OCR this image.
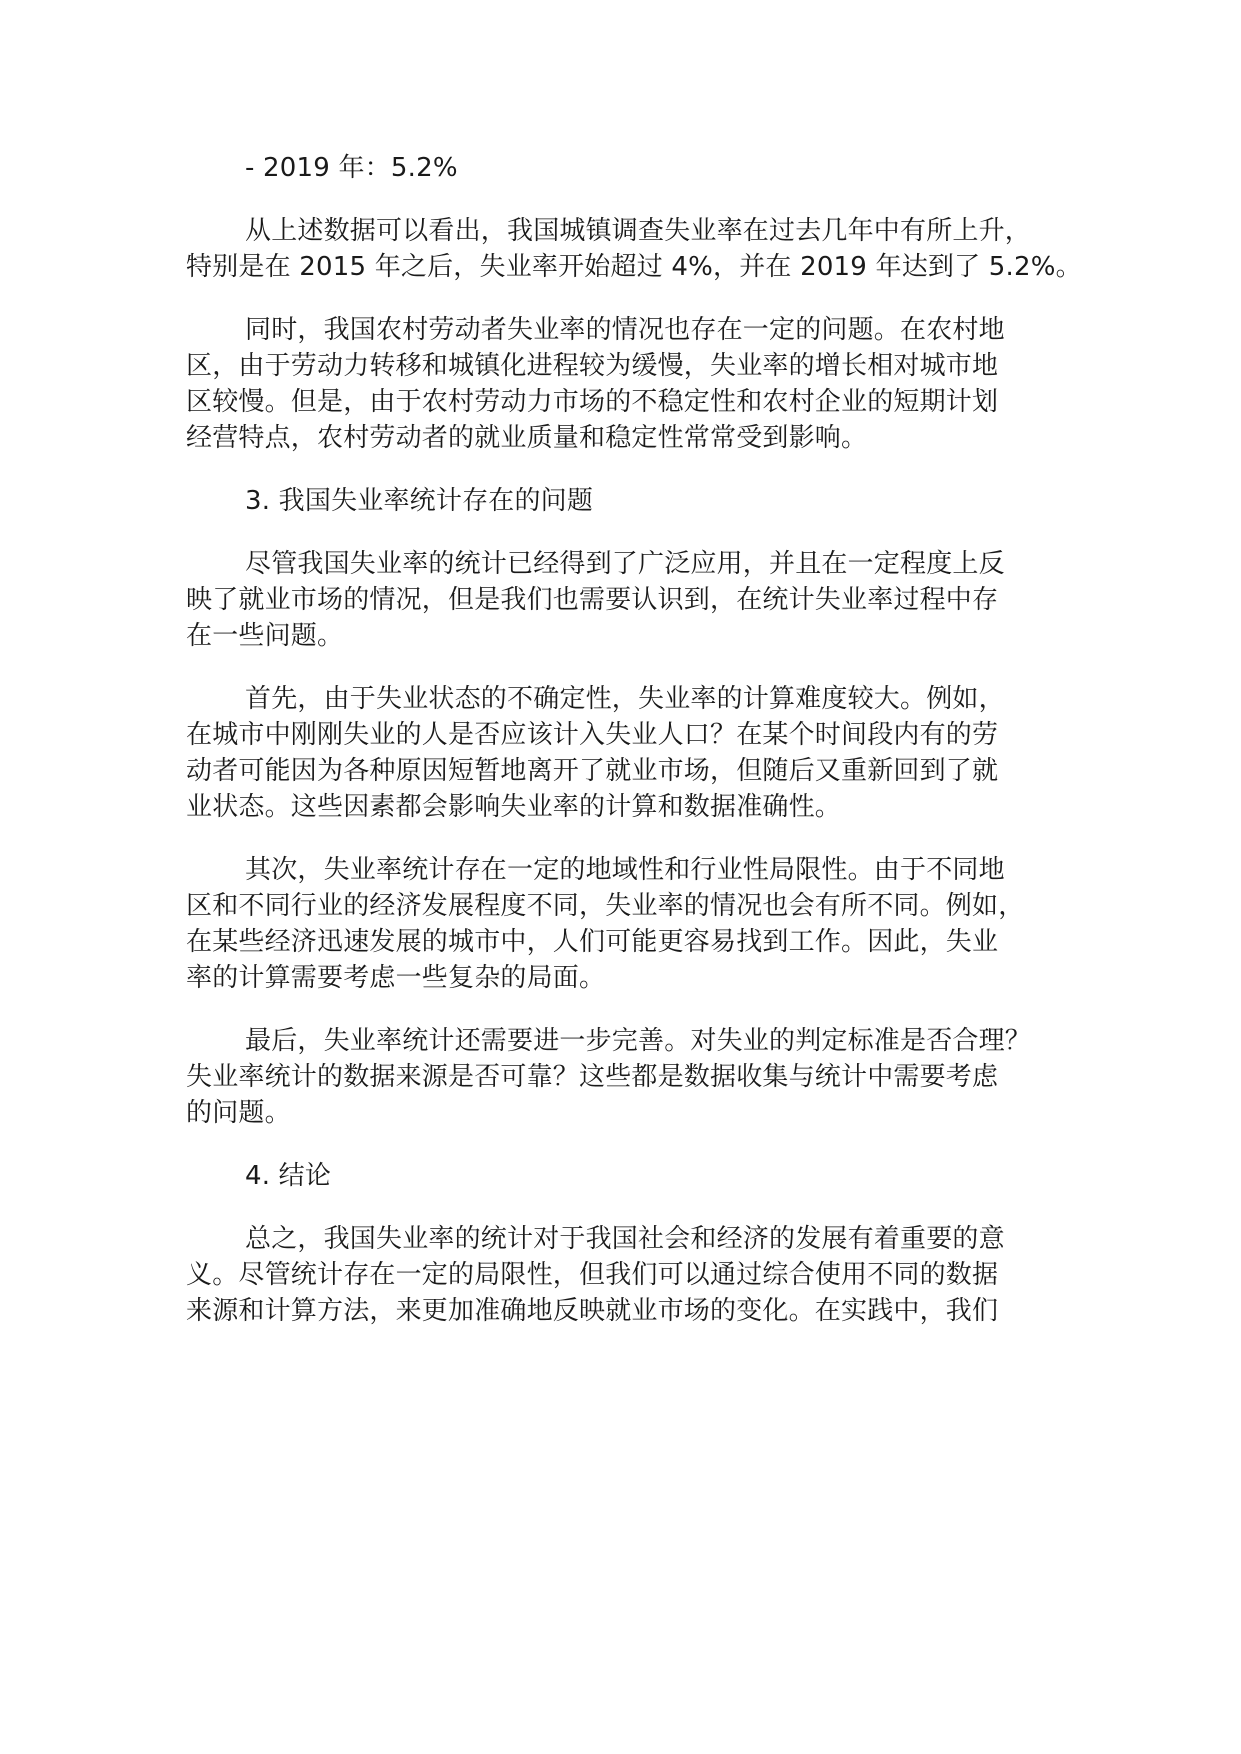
- 2019 年：5.2%
从上述数据可以看出，我国城镇调查失业率在过去几年中有所上升，
特别是在 2015 年之后，失业率开始超过 4%，并在 2019 年达到了 5.2%。
同时，我国农村劳动者失业率的情况也存在一定的问题。在农村地
区，由于劳动力转移和城镇化进程较为缓慢，失业率的增长相对城市地
区较慢。但是，由于农村劳动力市场的不稳定性和农村企业的短期计划
经营特点，农村劳动者的就业质量和稳定性常常受到影响。
3. 我国失业率统计存在的问题
尽管我国失业率的统计已经得到了广泛应用，并且在一定程度上反
映了就业市场的情况，但是我们也需要认识到，在统计失业率过程中存
在一些问题。
首先，由于失业状态的不确定性，失业率的计算难度较大。例如，
在城市中刚刚失业的人是否应该计入失业人口？在某个时间段内有的劳
动者可能因为各种原因短暂地离开了就业市场，但随后又重新回到了就
业状态。这些因素都会影响失业率的计算和数据准确性。
其次，失业率统计存在一定的地域性和行业性局限性。由于不同地
区和不同行业的经济发展程度不同，失业率的情况也会有所不同。例如，
在某些经济迅速发展的城市中，人们可能更容易找到工作。因此，失业
率的计算需要考虑一些复杂的局面。
最后，失业率统计还需要进一步完善。对失业的判定标准是否合理？
失业率统计的数据来源是否可靠？这些都是数据收集与统计中需要考虑
的问题。
4. 结论
总之，我国失业率的统计对于我国社会和经济的发展有着重要的意
义。尽管统计存在一定的局限性，但我们可以通过综合使用不同的数据
来源和计算方法，来更加准确地反映就业市场的变化。在实践中，我们
